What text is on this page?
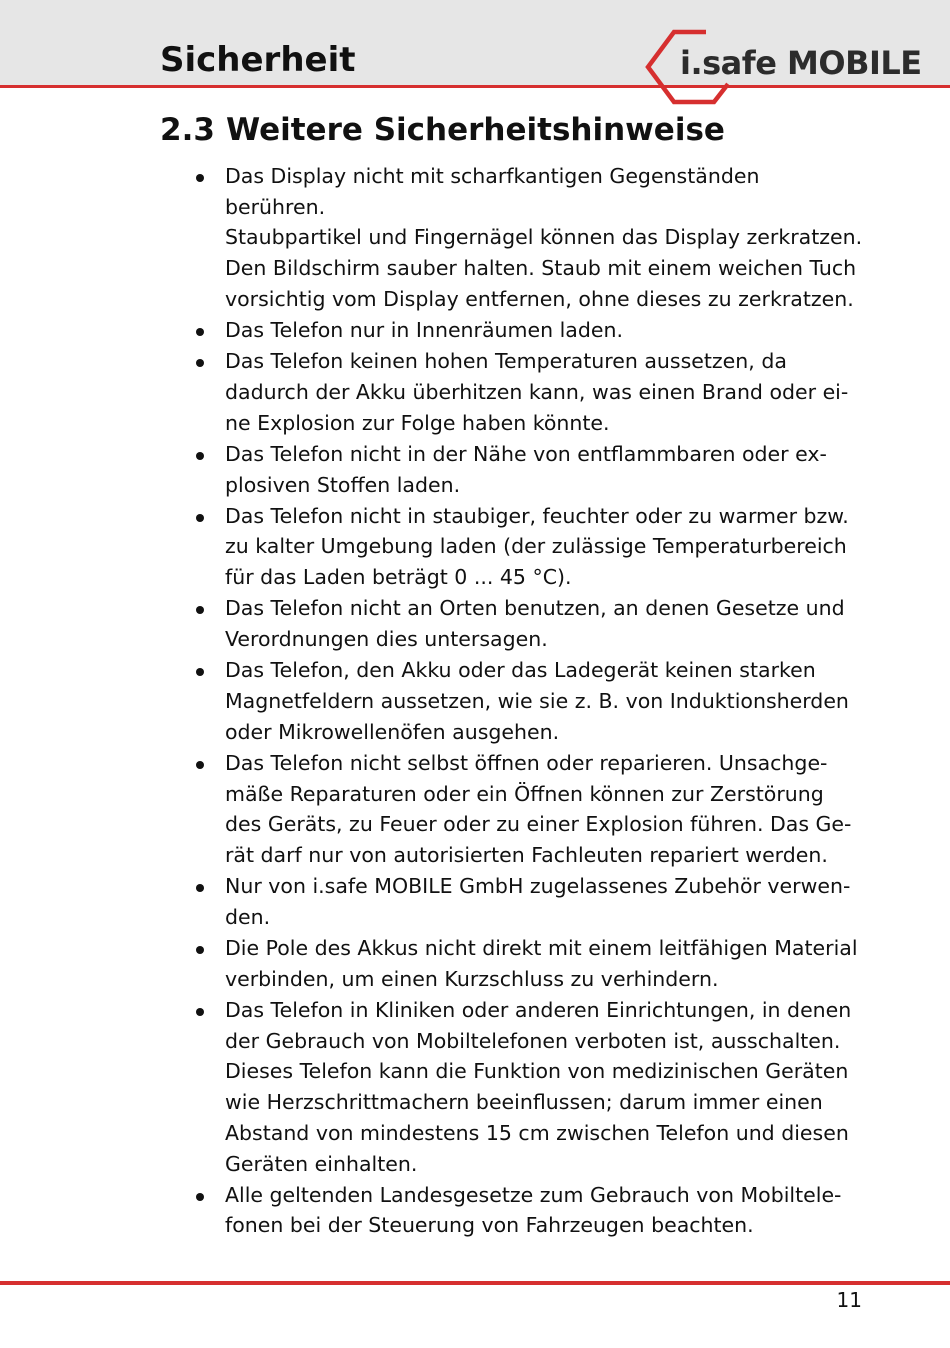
Sicherheit	i.safe MOBILE
2.3 Weitere Sicherheitshinweise
Das Display nicht mit scharfkantigen Gegenständen berühren.
Staubpartikel und Fingernägel können das Display zerkratzen.
Den Bildschirm sauber halten. Staub mit einem weichen Tuch
vorsichtig vom Display entfernen, ohne dieses zu zerkratzen.
Das Telefon nur in Innenräumen laden.
Das Telefon keinen hohen Temperaturen aussetzen, da
dadurch der Akku überhitzen kann, was einen Brand oder ei-
ne Explosion zur Folge haben könnte.
Das Telefon nicht in der Nähe von entflammbaren oder ex-
plosiven Stoffen laden.
Das Telefon nicht in staubiger, feuchter oder zu warmer bzw.
zu kalter Umgebung laden (der zulässige Temperaturbereich
für das Laden beträgt 0 ... 45 °C).
Das Telefon nicht an Orten benutzen, an denen Gesetze und
Verordnungen dies untersagen.
Das Telefon, den Akku oder das Ladegerät keinen starken
Magnetfeldern aussetzen, wie sie z. B. von Induktionsherden
oder Mikrowellenöfen ausgehen.
Das Telefon nicht selbst öffnen oder reparieren. Unsachge-
mäße Reparaturen oder ein Öffnen können zur Zerstörung
des Geräts, zu Feuer oder zu einer Explosion führen. Das Ge-
rät darf nur von autorisierten Fachleuten repariert werden.
Nur von i.safe MOBILE GmbH zugelassenes Zubehör verwen-
den.
Die Pole des Akkus nicht direkt mit einem leitfähigen Material
verbinden, um einen Kurzschluss zu verhindern.
Das Telefon in Kliniken oder anderen Einrichtungen, in denen
der Gebrauch von Mobiltelefonen verboten ist, ausschalten.
Dieses Telefon kann die Funktion von medizinischen Geräten
wie Herzschrittmachern beeinflussen; darum immer einen
Abstand von mindestens 15 cm zwischen Telefon und diesen
Geräten einhalten.
Alle geltenden Landesgesetze zum Gebrauch von Mobiltele-
fonen bei der Steuerung von Fahrzeugen beachten.
11
